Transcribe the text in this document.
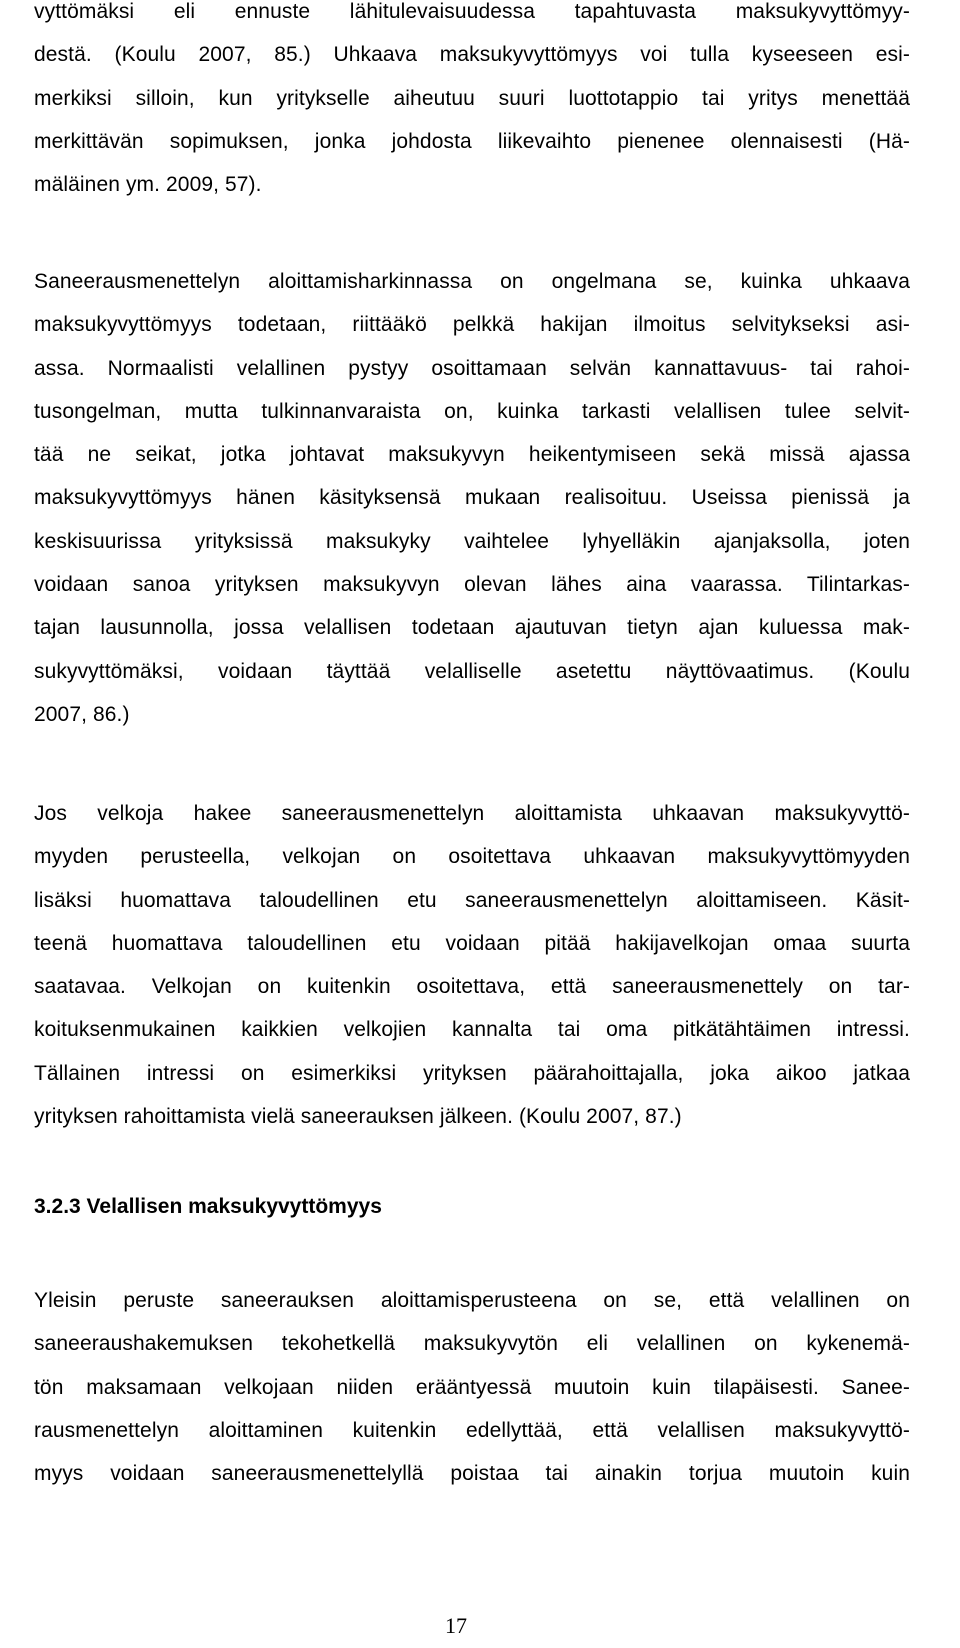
vyttömäksi eli ennuste lähitulevaisuudessa tapahtuvasta maksukyvyttömyy-
destä. (Koulu 2007, 85.) Uhkaava maksukyvyttömyys voi tulla kyseeseen esi-
merkiksi silloin, kun yritykselle aiheutuu suuri luottotappio tai yritys menettää
merkittävän sopimuksen, jonka johdosta liikevaihto pienenee olennaisesti (Hä-
mäläinen ym. 2009, 57).
Saneerausmenettelyn aloittamisharkinnassa on ongelmana se, kuinka uhkaava
maksukyvyttömyys todetaan, riittääkö pelkkä hakijan ilmoitus selvitykseksi asi-
assa. Normaalisti velallinen pystyy osoittamaan selvän kannattavuus- tai rahoi-
tusongelman, mutta tulkinnanvaraista on, kuinka tarkasti velallisen tulee selvit-
tää ne seikat, jotka johtavat maksukyvyn heikentymiseen sekä missä ajassa
maksukyvyttömyys hänen käsityksensä mukaan realisoituu. Useissa pienissä ja
keskisuurissa yrityksissä maksukyky vaihtelee lyhyelläkin ajanjaksolla, joten
voidaan sanoa yrityksen maksukyvyn olevan lähes aina vaarassa. Tilintarkas-
tajan lausunnolla, jossa velallisen todetaan ajautuvan tietyn ajan kuluessa mak-
sukyvyttömäksi, voidaan täyttää velalliselle asetettu näyttövaatimus. (Koulu
2007, 86.)
Jos velkoja hakee saneerausmenettelyn aloittamista uhkaavan maksukyvyttö-
myyden perusteella, velkojan on osoitettava uhkaavan maksukyvyttömyyden
lisäksi huomattava taloudellinen etu saneerausmenettelyn aloittamiseen. Käsit-
teenä huomattava taloudellinen etu voidaan pitää hakijavelkojan omaa suurta
saatavaa. Velkojan on kuitenkin osoitettava, että saneerausmenettely on tar-
koituksenmukainen kaikkien velkojien kannalta tai oma pitkätähtäimen intressi.
Tällainen intressi on esimerkiksi yrityksen päärahoittajalla, joka aikoo jatkaa
yrityksen rahoittamista vielä saneerauksen jälkeen. (Koulu 2007, 87.)
3.2.3 Velallisen maksukyvyttömyys
Yleisin peruste saneerauksen aloittamisperusteena on se, että velallinen on
saneeraushakemuksen tekohetkellä maksukyvytön eli velallinen on kykenemä-
tön maksamaan velkojaan niiden erääntyessä muutoin kuin tilapäisesti. Sanee-
rausmenettelyn aloittaminen kuitenkin edellyttää, että velallisen maksukyvyttö-
myys voidaan saneerausmenettelyllä poistaa tai ainakin torjua muutoin kuin
17
